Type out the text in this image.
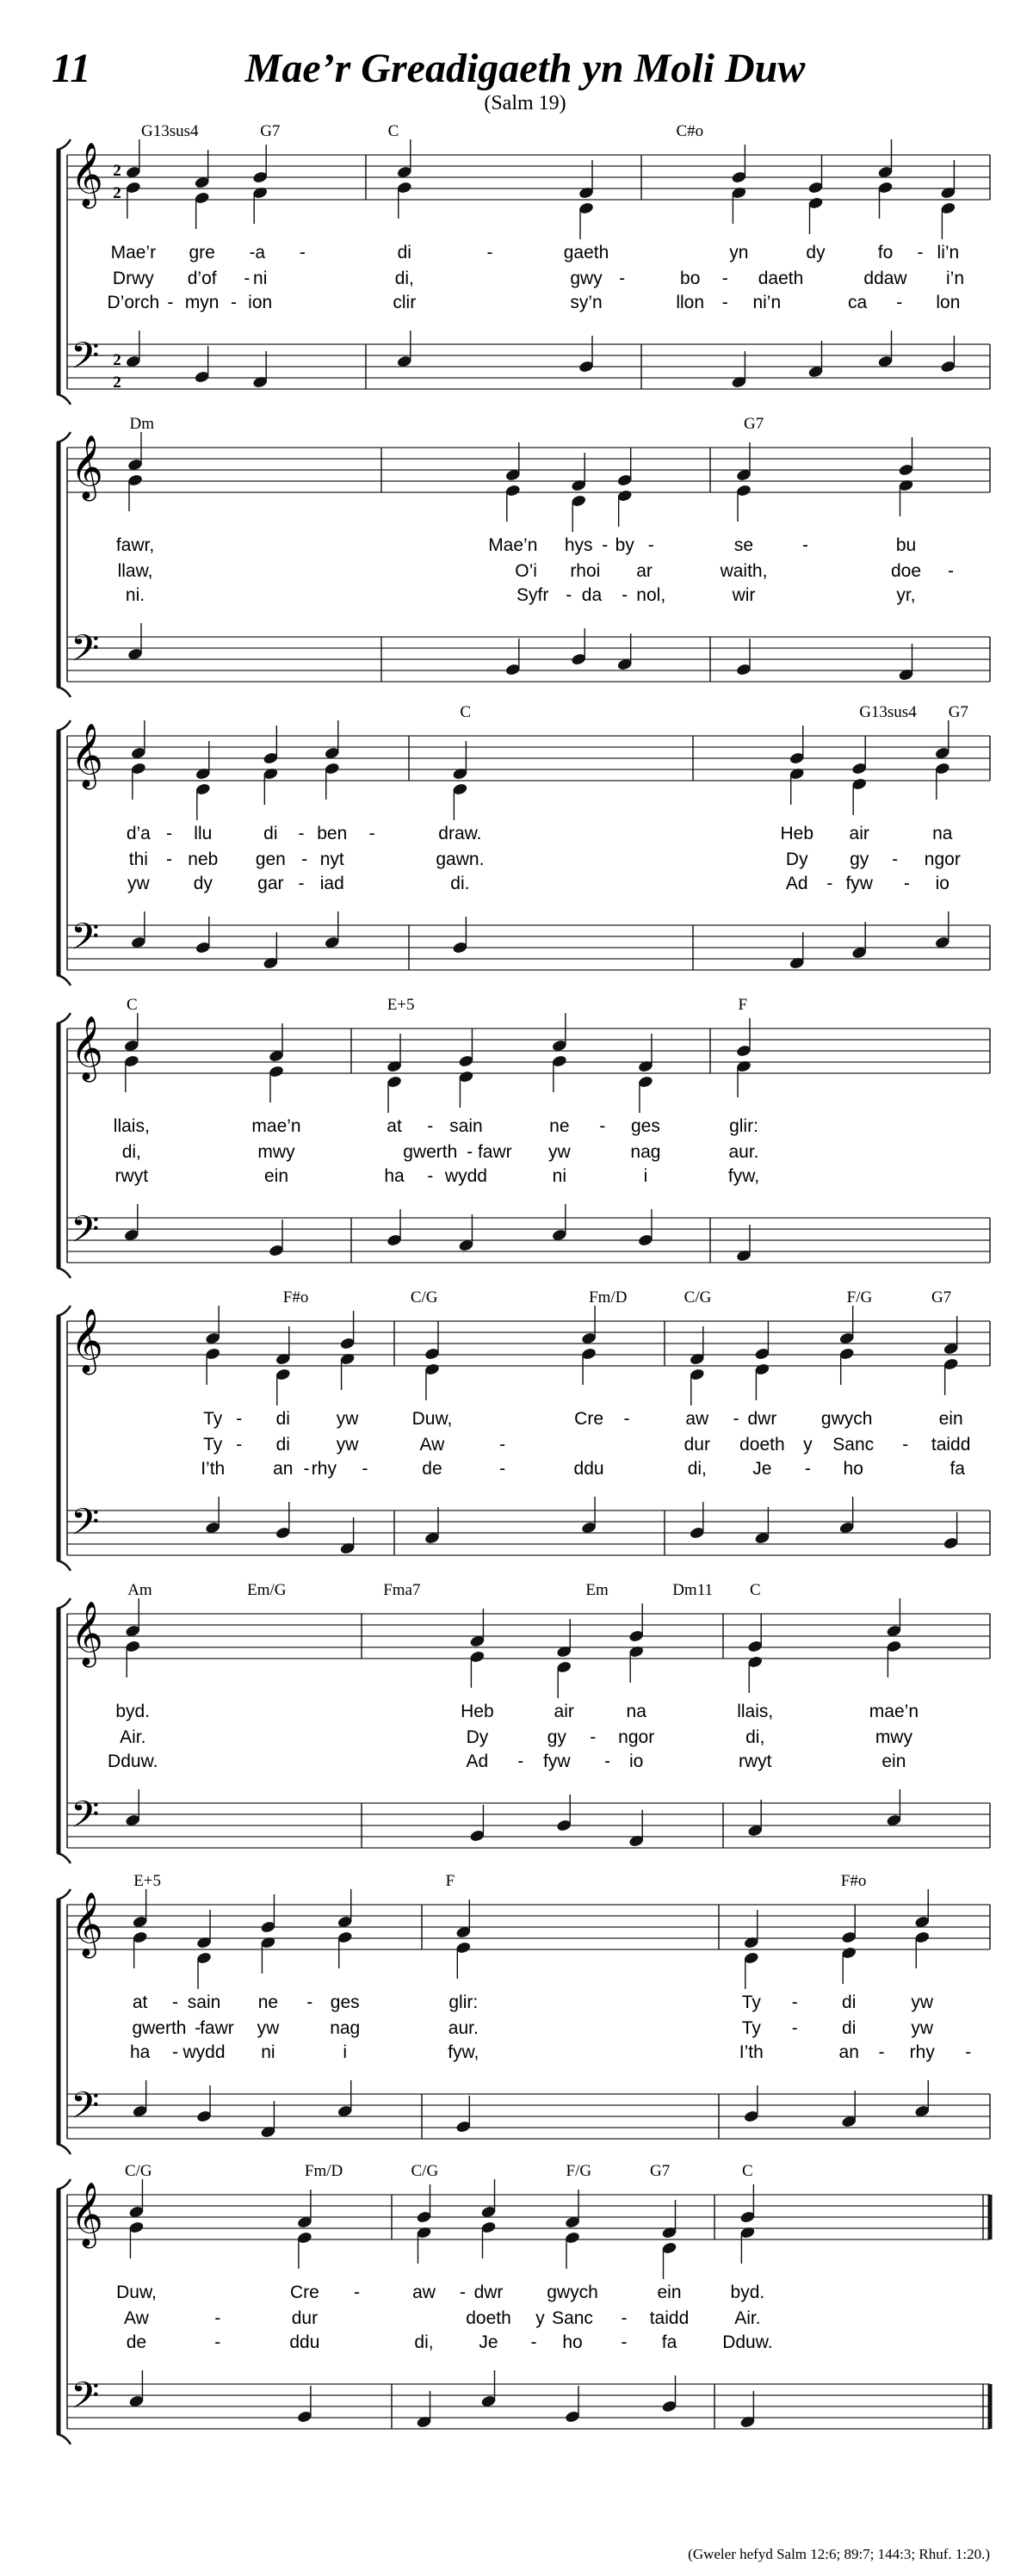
11	Mae’r Greadigaeth yn Moli Duw
(Salm 19)
𝄞
𝄢
2
2
2
2
G13sus4	G7	C	C#o
Mae’r gre - a -	di	-	gaeth	yn	dy	fo - li’n
Drwy d’of - ni	di,	gwy -	bo - daeth	ddaw i’n
D’orch - myn - ion	clir	sy’n	llon - ni’n	ca - lon
𝄞
𝄢
Dm	G7
fawr,	Mae’n hys - by -	se	-	bu
llaw,	O’i rhoi ar	waith,	doe -
ni.	Syfr - da - nol,	wir	yr,
𝄞
𝄢
C	G13sus4 G7
d’a - llu	di - ben -	draw.	Heb air	na
thi - neb gen - nyt	gawn.	Dy gy - ngor
yw dy gar - iad	di.	Ad - fyw - io
𝄞
𝄢
C	E+5	F
llais,	mae’n	at - sain	ne - ges	glir:
di,	mwy	gwerth - fawr yw	nag	aur.
rwyt	ein	ha - wydd	ni	i	fyw,
𝄞
𝄢
F#o	C/G	Fm/D	C/G	F/G	G7
Ty - di	yw	Duw,	Cre -	aw - dwr gwych	ein
Ty - di	yw	Aw	-	dur doeth y Sanc - taidd
I’th	an - rhy -	de	-	ddu	di,	Je - ho	fa
𝄞
𝄢
Am	Em/G	Fma7	Em	Dm11 C
byd.	Heb	air	na	llais,	mae’n
Air.	Dy	gy - ngor	di,	mwy
Dduw.	Ad - fyw - io	rwyt	ein
𝄞
𝄢
E+5	F	F#o
at - sain ne - ges	glir:	Ty - di	yw
gwerth -
fawr yw	nag	aur.	Ty - di	yw
ha - wydd ni	i	fyw,	I’th	an - rhy -
𝄞
𝄢
C/G	Fm/D	C/G	F/G	G7	C
Duw,	Cre -	aw - dwr gwych	ein	byd.
Aw	-	dur	doeth y Sanc - taidd	Air.
de	-	ddu	di,	Je - ho - fa	Dduw.
(Gweler hefyd Salm 12:6; 89:7; 144:3; Rhuf. 1:20.)
